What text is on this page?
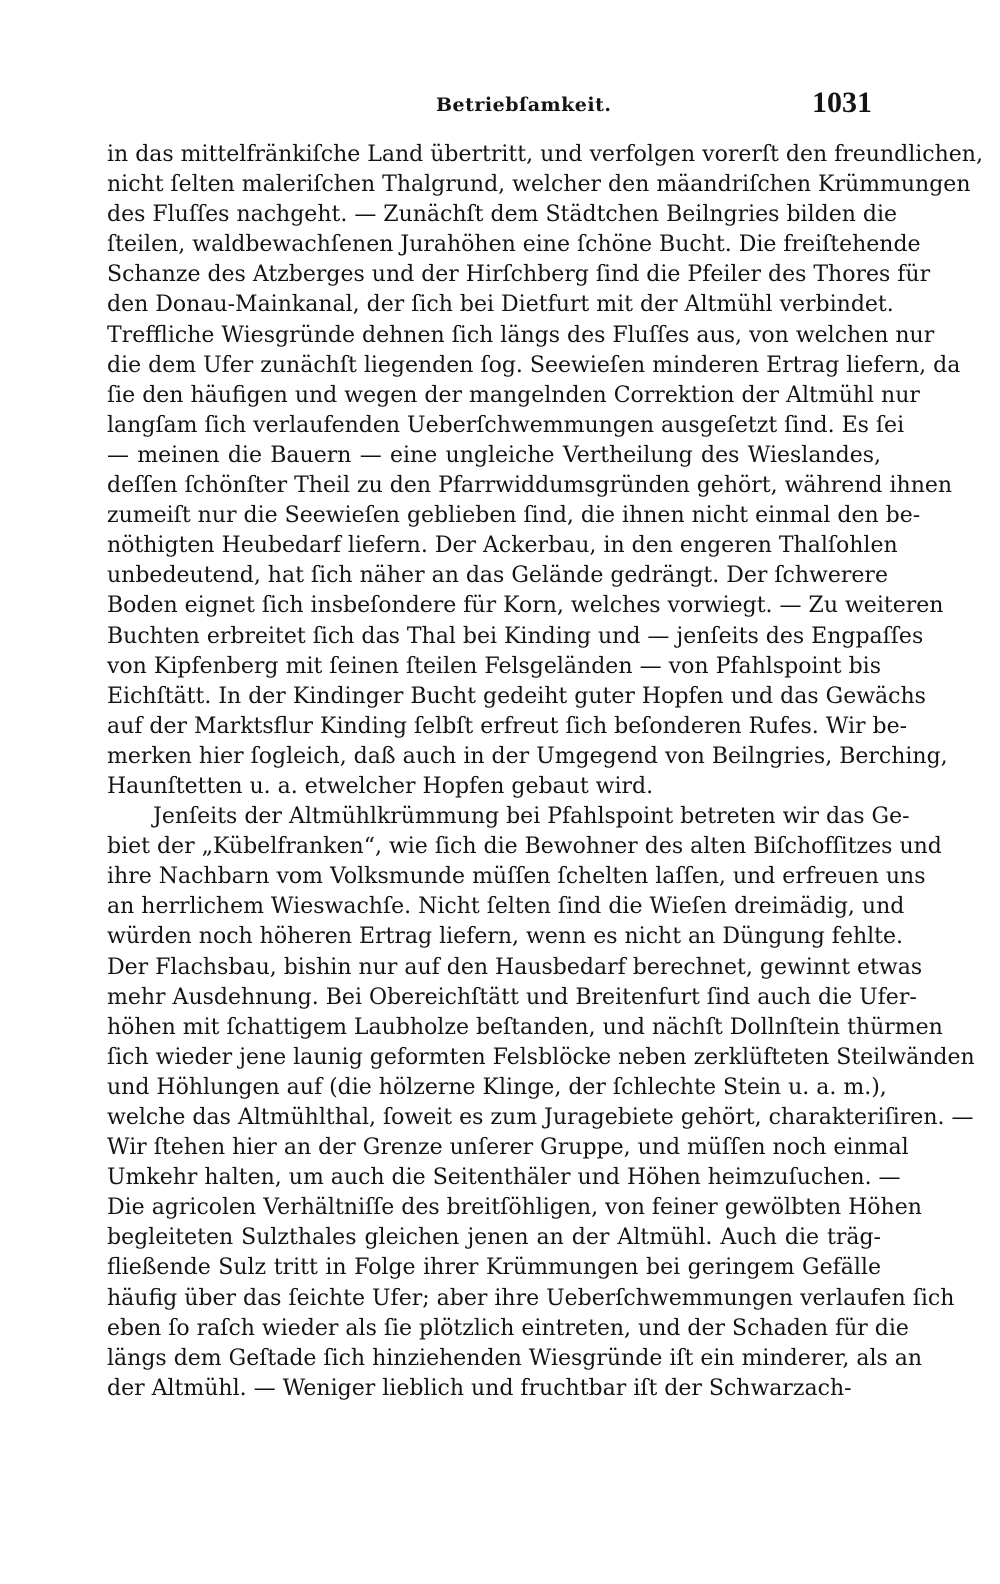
Betriebſamkeit.	1031
in das mittelfränkiſche Land übertritt, und verfolgen vorerſt den freundlichen,
nicht ſelten maleriſchen Thalgrund, welcher den mäandriſchen Krümmungen
des Fluſſes nachgeht. — Zunächſt dem Städtchen Beilngries bilden die
ſteilen, waldbewachſenen Jurahöhen eine ſchöne Bucht. Die freiſtehende
Schanze des Atzberges und der Hirſchberg ſind die Pfeiler des Thores für
den Donau-Mainkanal, der ſich bei Dietfurt mit der Altmühl verbindet.
Treffliche Wiesgründe dehnen ſich längs des Fluſſes aus, von welchen nur
die dem Ufer zunächſt liegenden ſog. Seewieſen minderen Ertrag liefern, da
ſie den häufigen und wegen der mangelnden Correktion der Altmühl nur
langſam ſich verlaufenden Ueberſchwemmungen ausgeſetzt ſind. Es ſei
— meinen die Bauern — eine ungleiche Vertheilung des Wieslandes,
deſſen ſchönſter Theil zu den Pfarrwiddumsgründen gehört, während ihnen
zumeiſt nur die Seewieſen geblieben ſind, die ihnen nicht einmal den be-
nöthigten Heubedarf liefern. Der Ackerbau, in den engeren Thalſohlen
unbedeutend, hat ſich näher an das Gelände gedrängt. Der ſchwerere
Boden eignet ſich insbeſondere für Korn, welches vorwiegt. — Zu weiteren
Buchten erbreitet ſich das Thal bei Kinding und — jenſeits des Engpaſſes
von Kipfenberg mit ſeinen ſteilen Felsgeländen — von Pfahlspoint bis
Eichſtätt. In der Kindinger Bucht gedeiht guter Hopfen und das Gewächs
auf der Marktsflur Kinding ſelbſt erfreut ſich beſonderen Rufes. Wir be-
merken hier ſogleich, daß auch in der Umgegend von Beilngries, Berching,
Haunſtetten u. a. etwelcher Hopfen gebaut wird.
Jenſeits der Altmühlkrümmung bei Pfahlspoint betreten wir das Ge-
biet der „Kübelfranken“, wie ſich die Bewohner des alten Biſchofſitzes und
ihre Nachbarn vom Volksmunde müſſen ſchelten laſſen, und erfreuen uns
an herrlichem Wieswachſe. Nicht ſelten ſind die Wieſen dreimädig, und
würden noch höheren Ertrag liefern, wenn es nicht an Düngung fehlte.
Der Flachsbau, bishin nur auf den Hausbedarf berechnet, gewinnt etwas
mehr Ausdehnung. Bei Obereichſtätt und Breitenfurt ſind auch die Ufer-
höhen mit ſchattigem Laubholze beſtanden, und nächſt Dollnſtein thürmen
ſich wieder jene launig geformten Felsblöcke neben zerklüfteten Steilwänden
und Höhlungen auf (die hölzerne Klinge, der ſchlechte Stein u. a. m.),
welche das Altmühlthal, ſoweit es zum Juragebiete gehört, charakteriſiren. —
Wir ſtehen hier an der Grenze unſerer Gruppe, und müſſen noch einmal
Umkehr halten, um auch die Seitenthäler und Höhen heimzuſuchen. —
Die agricolen Verhältniſſe des breitſöhligen, von feiner gewölbten Höhen
begleiteten Sulzthales gleichen jenen an der Altmühl. Auch die träg-
fließende Sulz tritt in Folge ihrer Krümmungen bei geringem Gefälle
häufig über das ſeichte Ufer; aber ihre Ueberſchwemmungen verlaufen ſich
eben ſo raſch wieder als ſie plötzlich eintreten, und der Schaden für die
längs dem Geſtade ſich hinziehenden Wiesgründe iſt ein minderer, als an
der Altmühl. — Weniger lieblich und fruchtbar iſt der Schwarzach-
